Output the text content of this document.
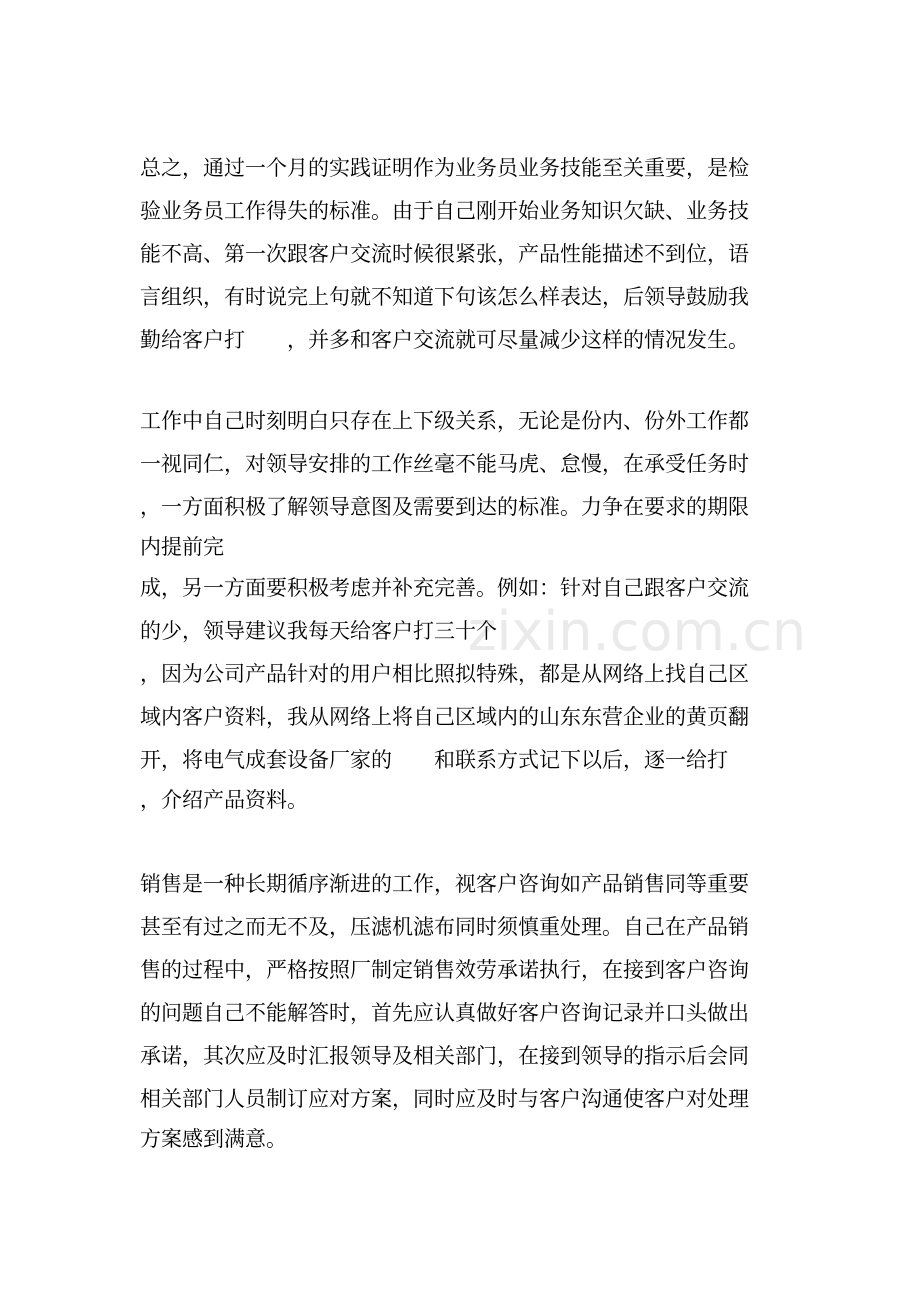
zixin.com.cn
总之，通过一个月的实践证明作为业务员业务技能至关重要，是检
验业务员工作得失的标准。由于自己刚开始业务知识欠缺、业务技
能不高、第一次跟客户交流时候很紧张，产品性能描述不到位，语
言组织，有时说完上句就不知道下句该怎么样表达，后领导鼓励我
勤给客户打　　，并多和客户交流就可尽量减少这样的情况发生。
工作中自己时刻明白只存在上下级关系，无论是份内、份外工作都
一视同仁，对领导安排的工作丝毫不能马虎、怠慢，在承受任务时
，一方面积极了解领导意图及需要到达的标准。力争在要求的期限
内提前完
成，另一方面要积极考虑并补充完善。例如：针对自己跟客户交流
的少，领导建议我每天给客户打三十个
，因为公司产品针对的用户相比照拟特殊，都是从网络上找自己区
域内客户资料，我从网络上将自己区域内的山东东营企业的黄页翻
开，将电气成套设备厂家的　　和联系方式记下以后，逐一给打
，介绍产品资料。
销售是一种长期循序渐进的工作，视客户咨询如产品销售同等重要
甚至有过之而无不及，压滤机滤布同时须慎重处理。自己在产品销
售的过程中，严格按照厂制定销售效劳承诺执行，在接到客户咨询
的问题自己不能解答时，首先应认真做好客户咨询记录并口头做出
承诺，其次应及时汇报领导及相关部门，在接到领导的指示后会同
相关部门人员制订应对方案，同时应及时与客户沟通使客户对处理
方案感到满意。
